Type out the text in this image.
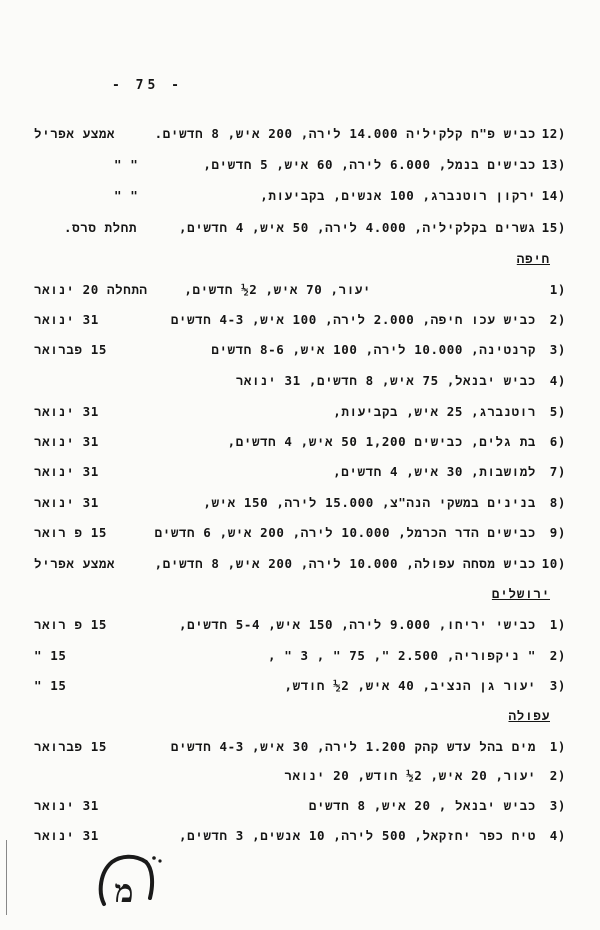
- 75 -
12)
כביש פ"ח קלקיליה 14.000 לירה, 200 איש, 8 חדשים.
אמצע אפריל
13)
כבישים בנמל, 6.000 לירה, 60 איש, 5 חדשים,
" "
14)
ירקון רוטנברג, 100 אנשים, בקביעות,
" "
15)
גשרים בקלקיליה, 4.000 לירה, 50 איש, 4 חדשים,
תחלת סרס.
חיפה
1)
יעור, 70 איש, 2½ חדשים,
התחלה 20 ינואר
2)
כביש עכו חיפה, 2.000 לירה, 100 איש, 4-3 חדשים
31 ינואר
3)
קרנטינה, 10.000 לירה, 100 איש, 8-6 חדשים
15 פברואר
4)
כביש יבנאל, 75 איש, 8 חדשים, 31 ינואר
5)
רוטנברג, 25 איש, בקביעות,
31 ינואר
6)
בת גלים, כבישים 1,200 50 איש, 4 חדשים,
31 ינואר
7)
למושבות, 30 איש, 4 חדשים,
31 ינואר
8)
בנינים במשקי הנה"צ, 15.000 לירה, 150 איש,
31 ינואר
9)
כבישים הדר הכרמל, 10.000 לירה, 200 איש, 6 חדשים
15 פ רואר
10)
כביש מסחה עפולה, 10.000 לירה, 200 איש, 8 חדשים,
אמצע אפריל
ירושלים
1)
כבישי יריחו, 9.000 לירה, 150 איש, 5-4 חדשים,
15 פ רואר
2)
" ניקפוריה, 2.500 ", 75 " , 3 " ,
15 "
3)
יעור גן הנציב, 40 איש, 2½ חודש,
15 "
עפולה
1)
מים בהל עדש קהק 1.200 לירה, 30 איש, 4-3 חדשים
15 פברואר
2)
יעור, 20 איש, 2½ חודש, 20 ינואר
3)
כביש יבנאל , 20 איש, 8 חדשים
31 ינואר
4)
טיח כפר יחזקאל, 500 לירה, 10 אנשים, 3 חדשים,
31 ינואר
מ
